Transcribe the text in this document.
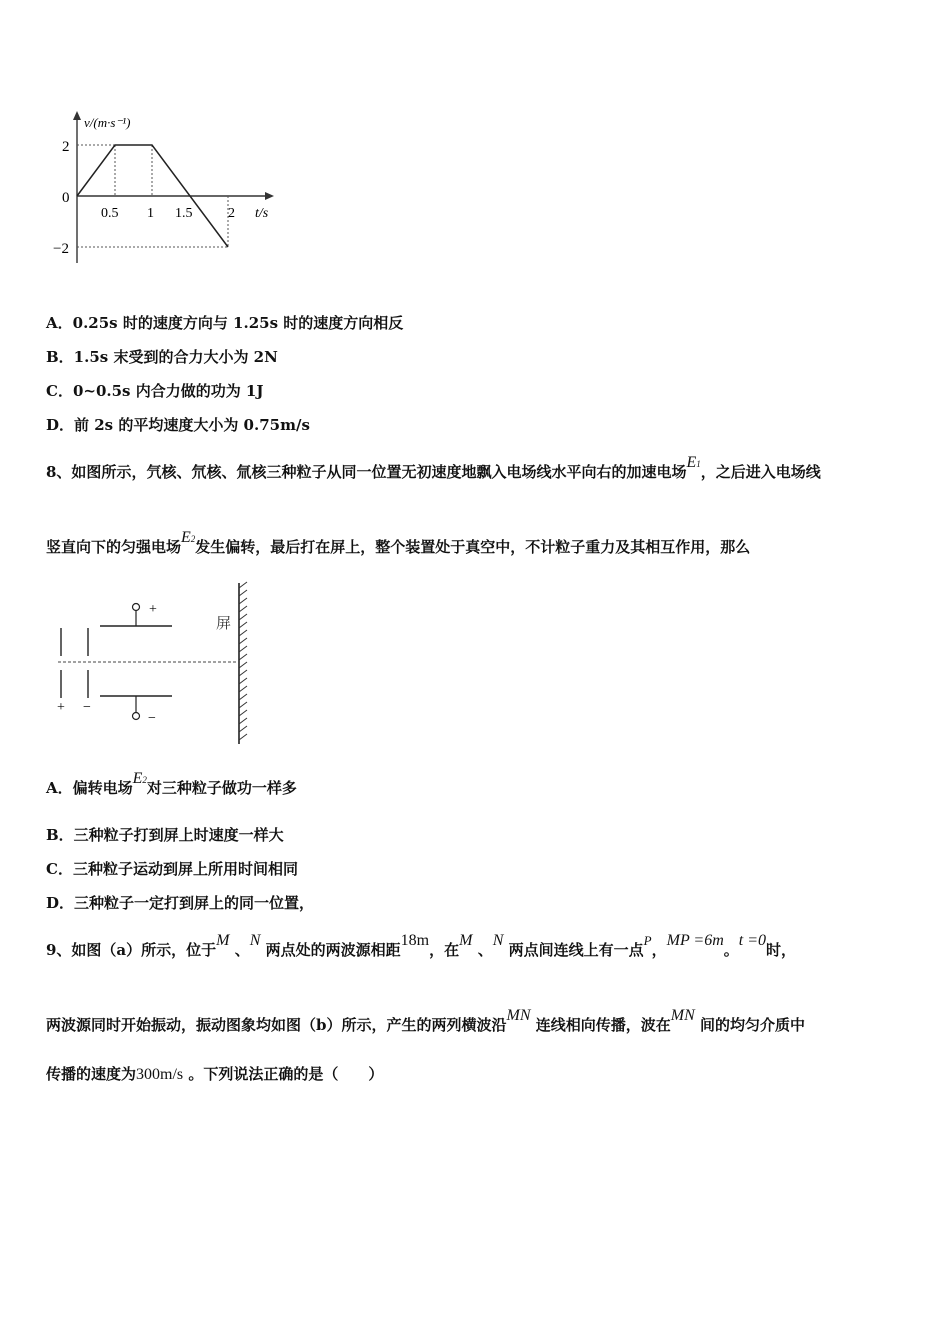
v/(m·s⁻¹)
t/s
2
0
−2
0.5 1 1.5	2
A．0.25s 时的速度方向与 1.25s 时的速度方向相反
B．1.5s 末受到的合力大小为 2N
C．0~0.5s 内合力做的功为 1J
D．前 2s 的平均速度大小为 0.75m/s
8、如图所示，氕核、氘核、氚核三种粒子从同一位置无初速度地飘入电场线水平向右的加速电场E1，之后进入电场线
竖直向下的匀强电场E2发生偏转，最后打在屏上，整个装置处于真空中，不计粒子重力及其相互作用，那么
+ −
+
−
屏
A．偏转电场E2对三种粒子做功一样多
B．三种粒子打到屏上时速度一样大
C．三种粒子运动到屏上所用时间相同
D．三种粒子一定打到屏上的同一位置，
9、如图（a）所示，位于M 、N 两点处的两波源相距18m，在M 、N 两点间连线上有一点P，MP =6m。t =0时，
两波源同时开始振动，振动图象均如图（b）所示，产生的两列横波沿MN 连线相向传播，波在MN 间的均匀介质中
传播的速度为300m/s 。下列说法正确的是（　　）
